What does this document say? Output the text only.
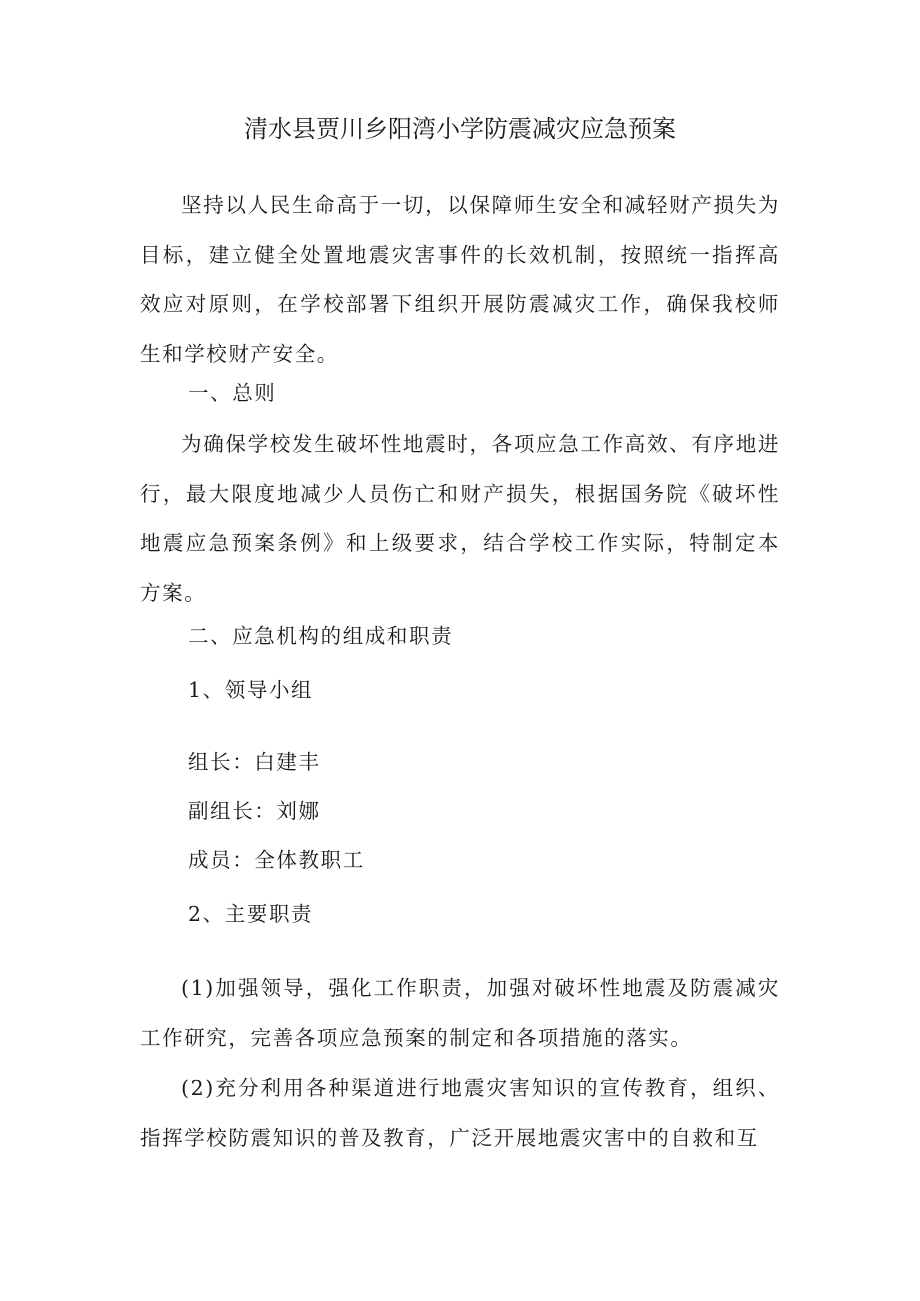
清水县贾川乡阳湾小学防震减灾应急预案

坚持以人民生命高于一切，以保障师生安全和减轻财产损失为目标，建立健全处置地震灾害事件的长效机制，按照统一指挥高效应对原则，在学校部署下组织开展防震减灾工作，确保我校师生和学校财产安全。

一、总则

为确保学校发生破坏性地震时，各项应急工作高效、有序地进行，最大限度地减少人员伤亡和财产损失，根据国务院《破坏性地震应急预案条例》和上级要求，结合学校工作实际，特制定本方案。

二、应急机构的组成和职责

1、领导小组

组长：白建丰

副组长：刘娜

成员：全体教职工

2、主要职责

(1)加强领导，强化工作职责，加强对破坏性地震及防震减灾工作研究，完善各项应急预案的制定和各项措施的落实。

(2)充分利用各种渠道进行地震灾害知识的宣传教育，组织、指挥学校防震知识的普及教育，广泛开展地震灾害中的自救和互
